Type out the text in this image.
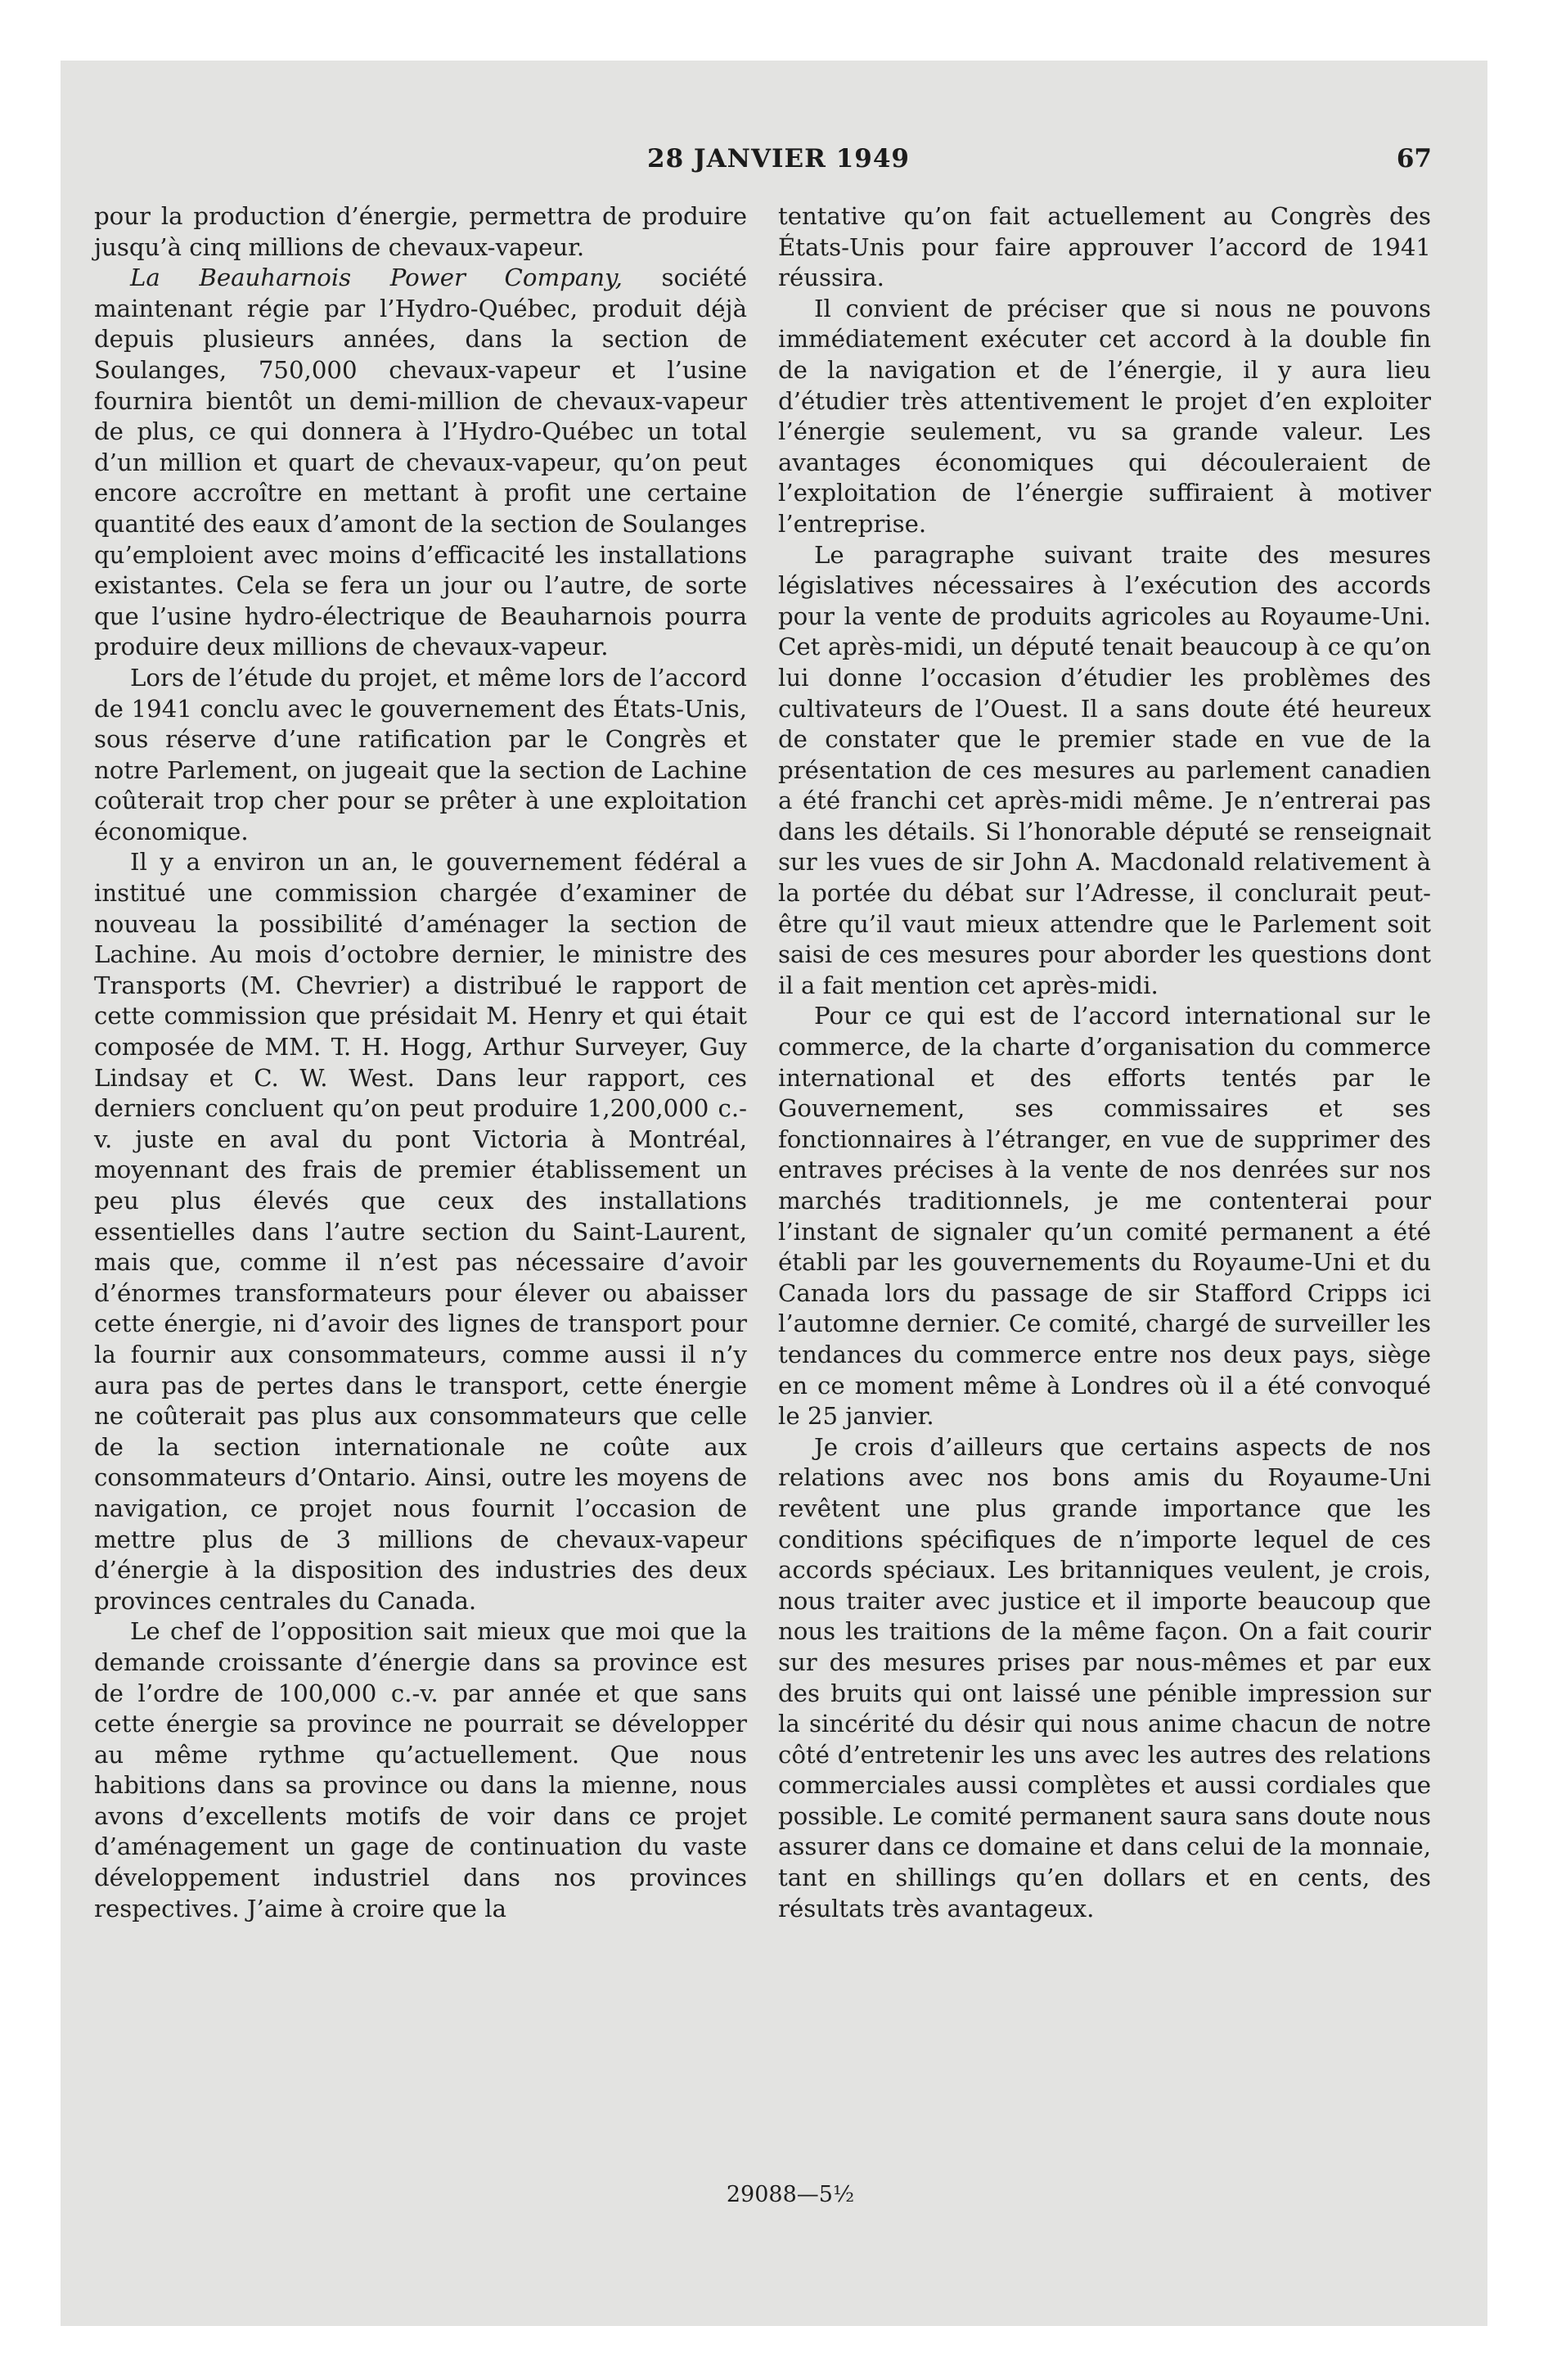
28 JANVIER 1949	67

pour la production d’énergie, permettra de produire jusqu’à cinq millions de chevaux-vapeur.

La Beauharnois Power Company, société maintenant régie par l’Hydro-Québec, produit déjà depuis plusieurs années, dans la section de Soulanges, 750,000 chevaux-vapeur et l’usine fournira bientôt un demi-million de chevaux-vapeur de plus, ce qui donnera à l’Hydro-Québec un total d’un million et quart de chevaux-vapeur, qu’on peut encore accroître en mettant à profit une certaine quantité des eaux d’amont de la section de Soulanges qu’emploient avec moins d’efficacité les installations existantes. Cela se fera un jour ou l’autre, de sorte que l’usine hydro-électrique de Beauharnois pourra produire deux millions de chevaux-vapeur.

Lors de l’étude du projet, et même lors de l’accord de 1941 conclu avec le gouvernement des États-Unis, sous réserve d’une ratification par le Congrès et notre Parlement, on jugeait que la section de Lachine coûterait trop cher pour se prêter à une exploitation économique.

Il y a environ un an, le gouvernement fédéral a institué une commission chargée d’examiner de nouveau la possibilité d’aménager la section de Lachine. Au mois d’octobre dernier, le ministre des Transports (M. Chevrier) a distribué le rapport de cette commission que présidait M. Henry et qui était composée de MM. T. H. Hogg, Arthur Surveyer, Guy Lindsay et C. W. West. Dans leur rapport, ces derniers concluent qu’on peut produire 1,200,000 c.-v. juste en aval du pont Victoria à Montréal, moyennant des frais de premier établissement un peu plus élevés que ceux des installations essentielles dans l’autre section du Saint-Laurent, mais que, comme il n’est pas nécessaire d’avoir d’énormes transformateurs pour élever ou abaisser cette énergie, ni d’avoir des lignes de transport pour la fournir aux consommateurs, comme aussi il n’y aura pas de pertes dans le transport, cette énergie ne coûterait pas plus aux consommateurs que celle de la section internationale ne coûte aux consommateurs d’Ontario. Ainsi, outre les moyens de navigation, ce projet nous fournit l’occasion de mettre plus de 3 millions de chevaux-vapeur d’énergie à la disposition des industries des deux provinces centrales du Canada.

Le chef de l’opposition sait mieux que moi que la demande croissante d’énergie dans sa province est de l’ordre de 100,000 c.-v. par année et que sans cette énergie sa province ne pourrait se développer au même rythme qu’actuellement. Que nous habitions dans sa province ou dans la mienne, nous avons d’excellents motifs de voir dans ce projet d’aménagement un gage de continuation du vaste développement industriel dans nos provinces respectives. J’aime à croire que la

tentative qu’on fait actuellement au Congrès des États-Unis pour faire approuver l’accord de 1941 réussira.

Il convient de préciser que si nous ne pouvons immédiatement exécuter cet accord à la double fin de la navigation et de l’énergie, il y aura lieu d’étudier très attentivement le projet d’en exploiter l’énergie seulement, vu sa grande valeur. Les avantages économiques qui découleraient de l’exploitation de l’énergie suffiraient à motiver l’entreprise.

Le paragraphe suivant traite des mesures législatives nécessaires à l’exécution des accords pour la vente de produits agricoles au Royaume-Uni. Cet après-midi, un député tenait beaucoup à ce qu’on lui donne l’occasion d’étudier les problèmes des cultivateurs de l’Ouest. Il a sans doute été heureux de constater que le premier stade en vue de la présentation de ces mesures au parlement canadien a été franchi cet après-midi même. Je n’entrerai pas dans les détails. Si l’honorable député se renseignait sur les vues de sir John A. Macdonald relativement à la portée du débat sur l’Adresse, il conclurait peut-être qu’il vaut mieux attendre que le Parlement soit saisi de ces mesures pour aborder les questions dont il a fait mention cet après-midi.

Pour ce qui est de l’accord international sur le commerce, de la charte d’organisation du commerce international et des efforts tentés par le Gouvernement, ses commissaires et ses fonctionnaires à l’étranger, en vue de supprimer des entraves précises à la vente de nos denrées sur nos marchés traditionnels, je me contenterai pour l’instant de signaler qu’un comité permanent a été établi par les gouvernements du Royaume-Uni et du Canada lors du passage de sir Stafford Cripps ici l’automne dernier. Ce comité, chargé de surveiller les tendances du commerce entre nos deux pays, siège en ce moment même à Londres où il a été convoqué le 25 janvier.

Je crois d’ailleurs que certains aspects de nos relations avec nos bons amis du Royaume-Uni revêtent une plus grande importance que les conditions spécifiques de n’importe lequel de ces accords spéciaux. Les britanniques veulent, je crois, nous traiter avec justice et il importe beaucoup que nous les traitions de la même façon. On a fait courir sur des mesures prises par nous-mêmes et par eux des bruits qui ont laissé une pénible impression sur la sincérité du désir qui nous anime chacun de notre côté d’entretenir les uns avec les autres des relations commerciales aussi complètes et aussi cordiales que possible. Le comité permanent saura sans doute nous assurer dans ce domaine et dans celui de la monnaie, tant en shillings qu’en dollars et en cents, des résultats très avantageux.

29088—5½
